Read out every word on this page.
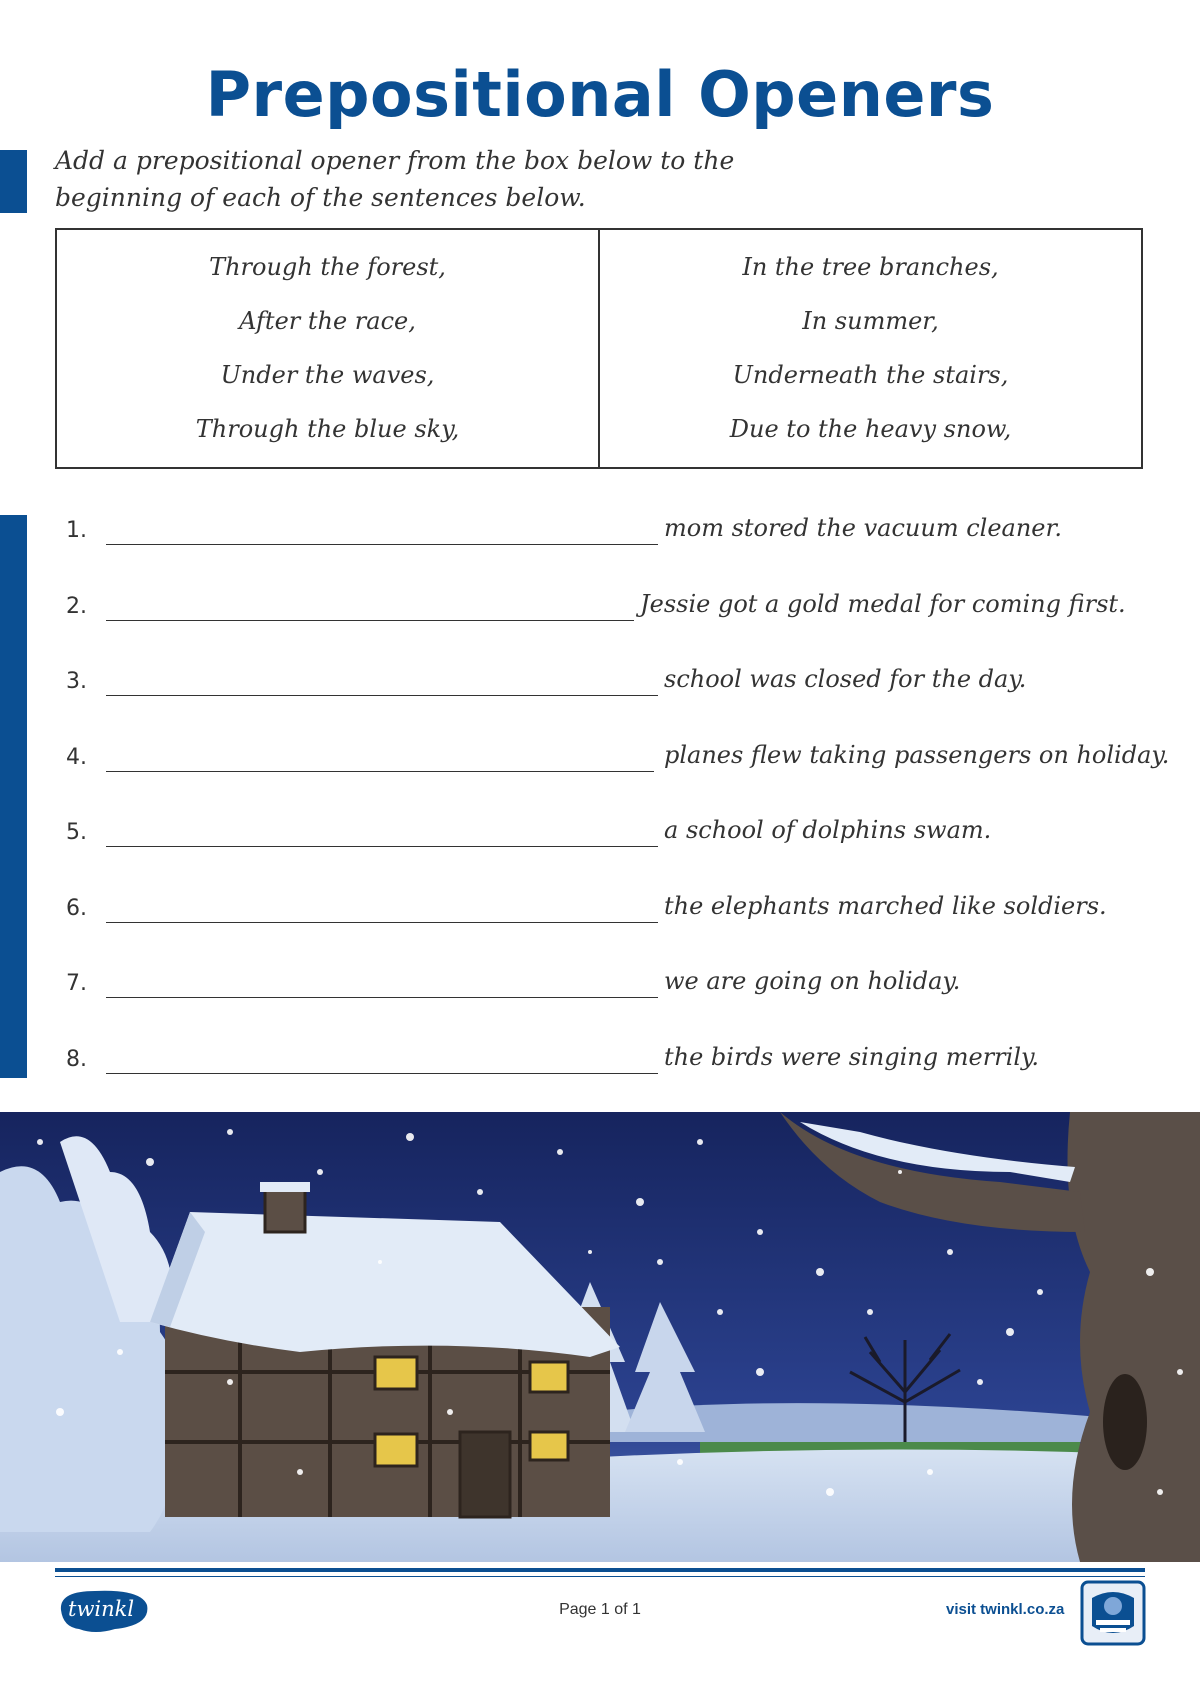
Prepositional Openers
Add a prepositional opener from the box below to the beginning of each of the sentences below.
Through the forest,
After the race,
Under the waves,
Through the blue sky,
In the tree branches,
In summer,
Underneath the stairs,
Due to the heavy snow,
1.	mom stored the vacuum cleaner.
2.	Jessie got a gold medal for coming first.
3.	school was closed for the day.
4.	planes flew taking passengers on holiday.
5.	a school of dolphins swam.
6.	the elephants marched like soldiers.
7.	we are going on holiday.
8.	the birds were singing merrily.
twinkl	Page 1 of 1	visit twinkl.co.za
